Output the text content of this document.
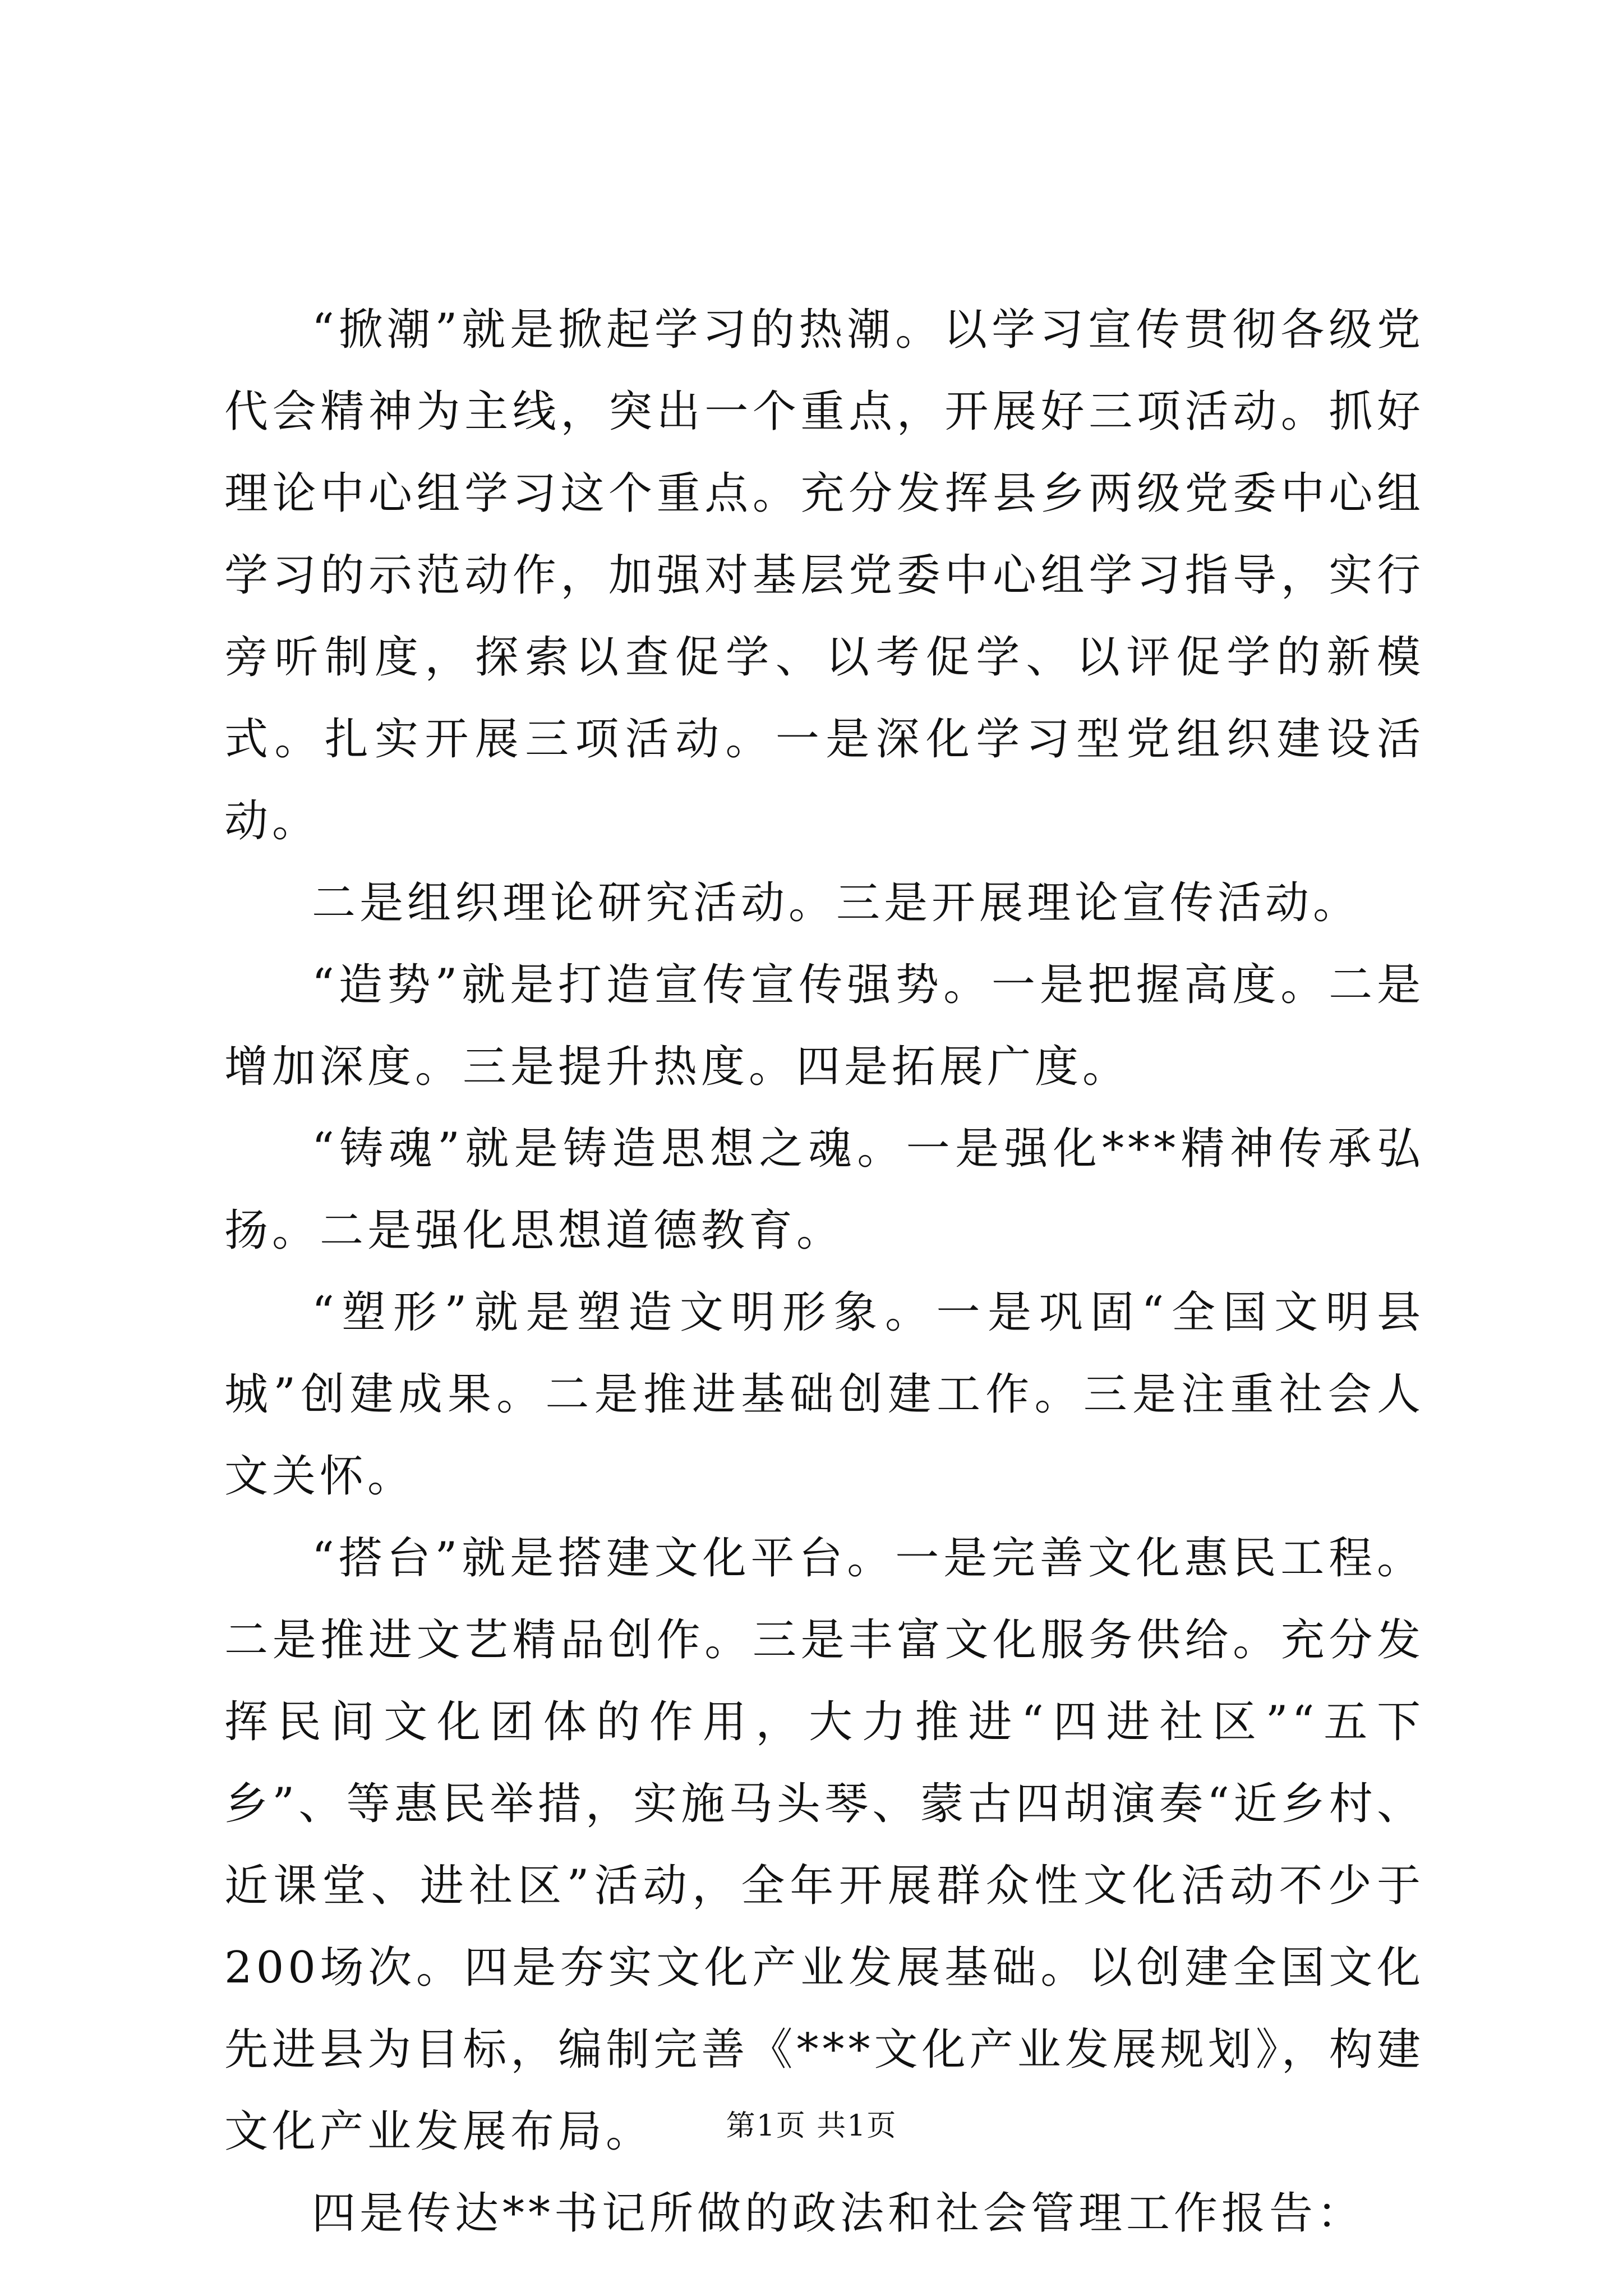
“掀潮”就是掀起学习的热潮。以学习宣传贯彻各级党代会精神为主线，突出一个重点，开展好三项活动。抓好理论中心组学习这个重点。充分发挥县乡两级党委中心组学习的示范动作，加强对基层党委中心组学习指导，实行旁听制度，探索以查促学、以考促学、以评促学的新模式。扎实开展三项活动。一是深化学习型党组织建设活动。

二是组织理论研究活动。三是开展理论宣传活动。

“造势”就是打造宣传宣传强势。一是把握高度。二是增加深度。三是提升热度。四是拓展广度。

“铸魂”就是铸造思想之魂。一是强化***精神传承弘扬。二是强化思想道德教育。

“塑形”就是塑造文明形象。一是巩固“全国文明县城”创建成果。二是推进基础创建工作。三是注重社会人文关怀。

“搭台”就是搭建文化平台。一是完善文化惠民工程。二是推进文艺精品创作。三是丰富文化服务供给。充分发挥民间文化团体的作用，大力推进“四进社区”“五下乡”、等惠民举措，实施马头琴、蒙古四胡演奏“近乡村、近课堂、进社区”活动，全年开展群众性文化活动不少于200场次。四是夯实文化产业发展基础。以创建全国文化先进县为目标，编制完善《***文化产业发展规划》，构建文化产业发展布局。

四是传达**书记所做的政法和社会管理工作报告：

第1页 共1页
